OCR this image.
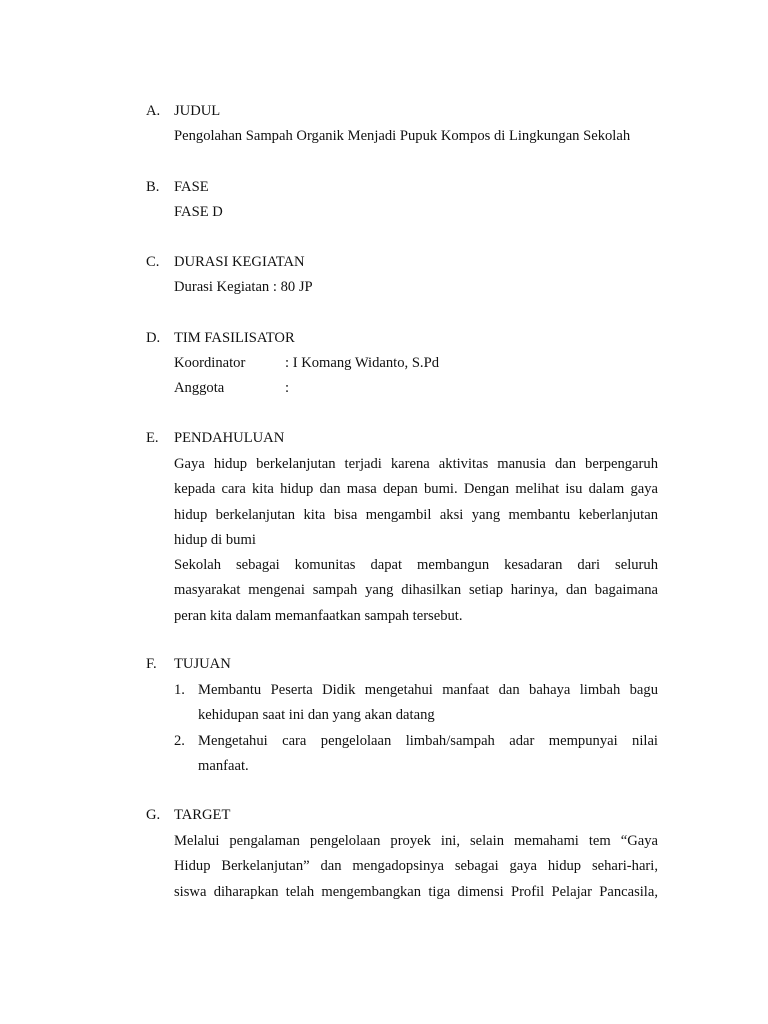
A. JUDUL
Pengolahan Sampah Organik Menjadi Pupuk Kompos di Lingkungan Sekolah
B. FASE
FASE D
C. DURASI KEGIATAN
Durasi Kegiatan : 80 JP
D. TIM FASILISATOR
Koordinator	: I Komang Widanto, S.Pd
Anggota	:
E. PENDAHULUAN
Gaya hidup berkelanjutan terjadi karena aktivitas manusia dan berpengaruh
kepada cara kita hidup dan masa depan bumi. Dengan melihat isu dalam gaya
hidup berkelanjutan kita bisa mengambil aksi yang membantu keberlanjutan
hidup di bumi
Sekolah sebagai komunitas dapat membangun kesadaran dari seluruh
masyarakat mengenai sampah yang dihasilkan setiap harinya, dan bagaimana
peran kita dalam memanfaatkan sampah tersebut.
F. TUJUAN
1. Membantu Peserta Didik mengetahui manfaat dan bahaya limbah bagu
kehidupan saat ini dan yang akan datang
2. Mengetahui cara pengelolaan limbah/sampah adar mempunyai nilai
manfaat.
G. TARGET
Melalui pengalaman pengelolaan proyek ini, selain memahami tem “Gaya
Hidup Berkelanjutan” dan mengadopsinya sebagai gaya hidup sehari-hari,
siswa diharapkan telah mengembangkan tiga dimensi Profil Pelajar Pancasila,
